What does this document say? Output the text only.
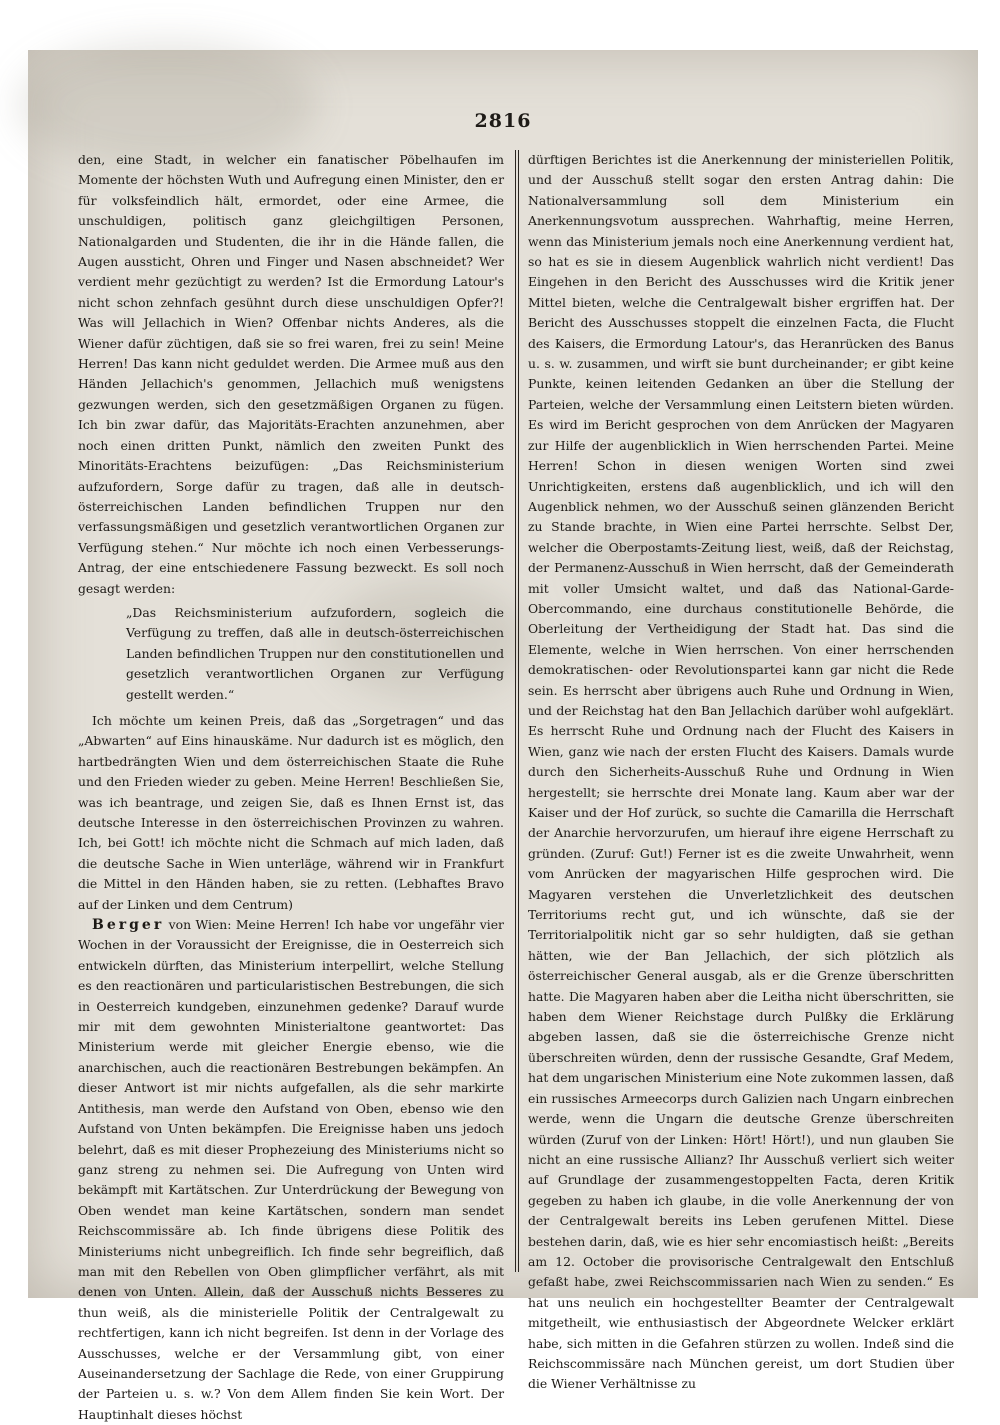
2816

den, eine Stadt, in welcher ein fanatischer Pöbelhaufen im Momente der höchsten Wuth und Aufregung einen Minister, den er für volksfeindlich hält, ermordet, oder eine Armee, die unschuldigen, politisch ganz gleichgiltigen Personen, Nationalgarden und Studenten, die ihr in die Hände fallen, die Augen aussticht, Ohren und Finger und Nasen abschneidet? Wer verdient mehr gezüchtigt zu werden? Ist die Ermordung Latour's nicht schon zehnfach gesühnt durch diese unschuldigen Opfer?! Was will Jellachich in Wien? Offenbar nichts Anderes, als die Wiener dafür züchtigen, daß sie so frei waren, frei zu sein! Meine Herren! Das kann nicht geduldet werden. Die Armee muß aus den Händen Jellachich's genommen, Jellachich muß wenigstens gezwungen werden, sich den gesetzmäßigen Organen zu fügen. Ich bin zwar dafür, das Majoritäts-Erachten anzunehmen, aber noch einen dritten Punkt, nämlich den zweiten Punkt des Minoritäts-Erachtens beizufügen: „Das Reichsministerium aufzufordern, Sorge dafür zu tragen, daß alle in deutsch-österreichischen Landen befindlichen Truppen nur den verfassungsmäßigen und gesetzlich verantwortlichen Organen zur Verfügung stehen.“ Nur möchte ich noch einen Verbesserungs-Antrag, der eine entschiedenere Fassung bezweckt. Es soll noch gesagt werden:

„Das Reichsministerium aufzufordern, sogleich die Verfügung zu treffen, daß alle in deutsch-österreichischen Landen befindlichen Truppen nur den constitutionellen und gesetzlich verantwortlichen Organen zur Verfügung gestellt werden.“

Ich möchte um keinen Preis, daß das „Sorgetragen“ und das „Abwarten“ auf Eins hinauskäme. Nur dadurch ist es möglich, den hartbedrängten Wien und dem österreichischen Staate die Ruhe und den Frieden wieder zu geben. Meine Herren! Beschließen Sie, was ich beantrage, und zeigen Sie, daß es Ihnen Ernst ist, das deutsche Interesse in den österreichischen Provinzen zu wahren. Ich, bei Gott! ich möchte nicht die Schmach auf mich laden, daß die deutsche Sache in Wien unterläge, während wir in Frankfurt die Mittel in den Händen haben, sie zu retten. (Lebhaftes Bravo auf der Linken und dem Centrum)

Berger von Wien: Meine Herren! Ich habe vor ungefähr vier Wochen in der Voraussicht der Ereignisse, die in Oesterreich sich entwickeln dürften, das Ministerium interpellirt, welche Stellung es den reactionären und particularistischen Bestrebungen, die sich in Oesterreich kundgeben, einzunehmen gedenke? Darauf wurde mir mit dem gewohnten Ministerialtone geantwortet: Das Ministerium werde mit gleicher Energie ebenso, wie die anarchischen, auch die reactionären Bestrebungen bekämpfen. An dieser Antwort ist mir nichts aufgefallen, als die sehr markirte Antithesis, man werde den Aufstand von Oben, ebenso wie den Aufstand von Unten bekämpfen. Die Ereignisse haben uns jedoch belehrt, daß es mit dieser Prophezeiung des Ministeriums nicht so ganz streng zu nehmen sei. Die Aufregung von Unten wird bekämpft mit Kartätschen. Zur Unterdrückung der Bewegung von Oben wendet man keine Kartätschen, sondern man sendet Reichscommissäre ab. Ich finde übrigens diese Politik des Ministeriums nicht unbegreiflich. Ich finde sehr begreiflich, daß man mit den Rebellen von Oben glimpflicher verfährt, als mit denen von Unten. Allein, daß der Ausschuß nichts Besseres zu thun weiß, als die ministerielle Politik der Centralgewalt zu rechtfertigen, kann ich nicht begreifen. Ist denn in der Vorlage des Ausschusses, welche er der Versammlung gibt, von einer Auseinandersetzung der Sachlage die Rede, von einer Gruppirung der Parteien u. s. w.? Von dem Allem finden Sie kein Wort. Der Hauptinhalt dieses höchst

dürftigen Berichtes ist die Anerkennung der ministeriellen Politik, und der Ausschuß stellt sogar den ersten Antrag dahin: Die Nationalversammlung soll dem Ministerium ein Anerkennungsvotum aussprechen. Wahrhaftig, meine Herren, wenn das Ministerium jemals noch eine Anerkennung verdient hat, so hat es sie in diesem Augenblick wahrlich nicht verdient! Das Eingehen in den Bericht des Ausschusses wird die Kritik jener Mittel bieten, welche die Centralgewalt bisher ergriffen hat. Der Bericht des Ausschusses stoppelt die einzelnen Facta, die Flucht des Kaisers, die Ermordung Latour's, das Heranrücken des Banus u. s. w. zusammen, und wirft sie bunt durcheinander; er gibt keine Punkte, keinen leitenden Gedanken an über die Stellung der Parteien, welche der Versammlung einen Leitstern bieten würden. Es wird im Bericht gesprochen von dem Anrücken der Magyaren zur Hilfe der augenblicklich in Wien herrschenden Partei. Meine Herren! Schon in diesen wenigen Worten sind zwei Unrichtigkeiten, erstens daß augenblicklich, und ich will den Augenblick nehmen, wo der Ausschuß seinen glänzenden Bericht zu Stande brachte, in Wien eine Partei herrschte. Selbst Der, welcher die Oberpostamts-Zeitung liest, weiß, daß der Reichstag, der Permanenz-Ausschuß in Wien herrscht, daß der Gemeinderath mit voller Umsicht waltet, und daß das National-Garde-Obercommando, eine durchaus constitutionelle Behörde, die Oberleitung der Vertheidigung der Stadt hat. Das sind die Elemente, welche in Wien herrschen. Von einer herrschenden demokratischen- oder Revolutionspartei kann gar nicht die Rede sein. Es herrscht aber übrigens auch Ruhe und Ordnung in Wien, und der Reichstag hat den Ban Jellachich darüber wohl aufgeklärt. Es herrscht Ruhe und Ordnung nach der Flucht des Kaisers in Wien, ganz wie nach der ersten Flucht des Kaisers. Damals wurde durch den Sicherheits-Ausschuß Ruhe und Ordnung in Wien hergestellt; sie herrschte drei Monate lang. Kaum aber war der Kaiser und der Hof zurück, so suchte die Camarilla die Herrschaft der Anarchie hervorzurufen, um hierauf ihre eigene Herrschaft zu gründen. (Zuruf: Gut!) Ferner ist es die zweite Unwahrheit, wenn vom Anrücken der magyarischen Hilfe gesprochen wird. Die Magyaren verstehen die Unverletzlichkeit des deutschen Territoriums recht gut, und ich wünschte, daß sie der Territorialpolitik nicht gar so sehr huldigten, daß sie gethan hätten, wie der Ban Jellachich, der sich plötzlich als österreichischer General ausgab, als er die Grenze überschritten hatte. Die Magyaren haben aber die Leitha nicht überschritten, sie haben dem Wiener Reichstage durch Pulßky die Erklärung abgeben lassen, daß sie die österreichische Grenze nicht überschreiten würden, denn der russische Gesandte, Graf Medem, hat dem ungarischen Ministerium eine Note zukommen lassen, daß ein russisches Armeecorps durch Galizien nach Ungarn einbrechen werde, wenn die Ungarn die deutsche Grenze überschreiten würden (Zuruf von der Linken: Hört! Hört!), und nun glauben Sie nicht an eine russische Allianz? Ihr Ausschuß verliert sich weiter auf Grundlage der zusammengestoppelten Facta, deren Kritik gegeben zu haben ich glaube, in die volle Anerkennung der von der Centralgewalt bereits ins Leben gerufenen Mittel. Diese bestehen darin, daß, wie es hier sehr encomiastisch heißt: „Bereits am 12. October die provisorische Centralgewalt den Entschluß gefaßt habe, zwei Reichscommissarien nach Wien zu senden.“ Es hat uns neulich ein hochgestellter Beamter der Centralgewalt mitgetheilt, wie enthusiastisch der Abgeordnete Welcker erklärt habe, sich mitten in die Gefahren stürzen zu wollen. Indeß sind die Reichscommissäre nach München gereist, um dort Studien über die Wiener Verhältnisse zu
